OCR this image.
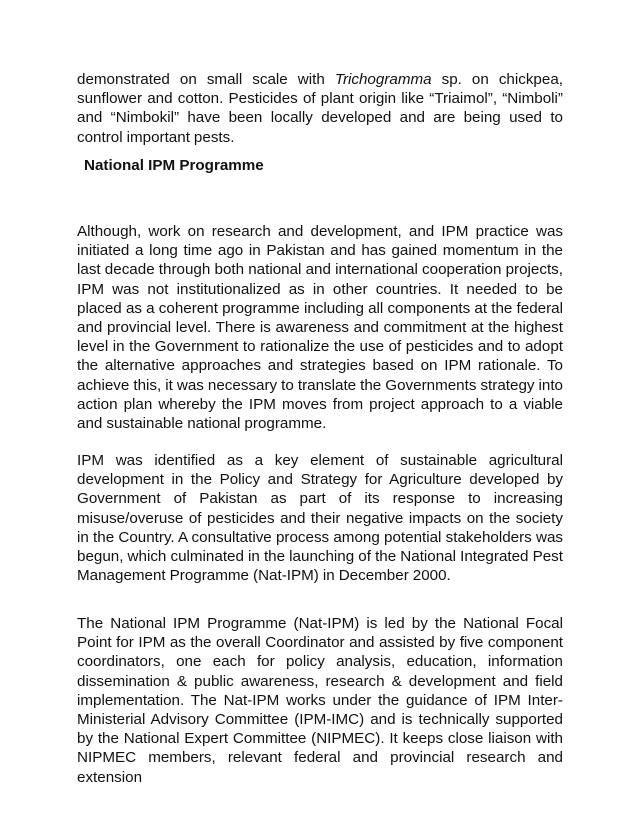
demonstrated on small scale with Trichogramma sp. on chickpea, sunflower and cotton. Pesticides of plant origin like “Triaimol”, “Nimboli” and “Nimbokil” have been locally developed and are being used to control important pests.

National IPM Programme

Although, work on research and development, and IPM practice was initiated a long time ago in Pakistan and has gained momentum in the last decade through both national and international cooperation projects, IPM was not institutionalized as in other countries. It needed to be placed as a coherent programme including all components at the federal and provincial level. There is awareness and commitment at the highest level in the Government to rationalize the use of pesticides and to adopt the alternative approaches and strategies based on IPM rationale. To achieve this, it was necessary to translate the Governments strategy into action plan whereby the IPM moves from project approach to a viable and sustainable national programme.

IPM was identified as a key element of sustainable agricultural development in the Policy and Strategy for Agriculture developed by Government of Pakistan as part of its response to increasing misuse/overuse of pesticides and their negative impacts on the society in the Country. A consultative process among potential stakeholders was begun, which culminated in the launching of the National Integrated Pest Management Programme (Nat-IPM) in December 2000.

The National IPM Programme (Nat-IPM) is led by the National Focal Point for IPM as the overall Coordinator and assisted by five component coordinators, one each for policy analysis, education, information dissemination & public awareness, research & development and field implementation. The Nat-IPM works under the guidance of IPM Inter-Ministerial Advisory Committee (IPM-IMC) and is technically supported by the National Expert Committee (NIPMEC). It keeps close liaison with NIPMEC members, relevant federal and provincial research and extension
